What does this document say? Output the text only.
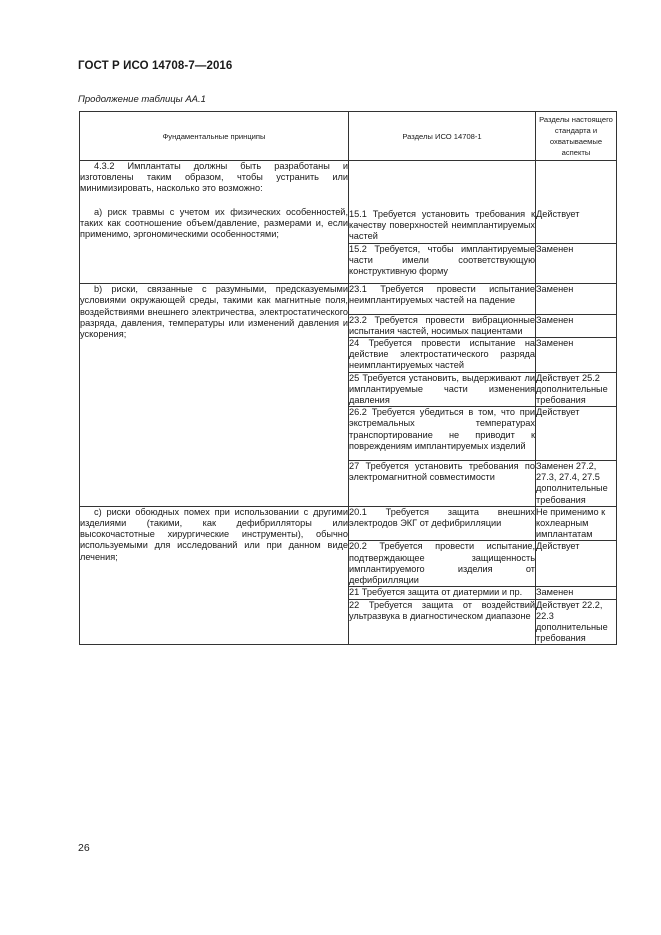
ГОСТ Р ИСО 14708-7—2016
Продолжение таблицы АА.1
Фундаментальные принципы	Разделы ИСО 14708-1	Разделы настоящего стандарта и охватываемые аспекты

4.3.2 Имплантаты должны быть разработаны и изготовлены таким образом, чтобы устранить или минимизировать, насколько это возможно:

а) риск травмы с учетом их физических особенностей, таких как соотношение объем/давление, размерами и, если применимо, эргономическими особенностями;	15.1 Требуется установить требования к качеству поверхностей неимплантируемых частей	Действует
	15.2 Требуется, чтобы имплантируемые части имели соответствующую конструктивную форму	Заменен

b) риски, связанные с разумными, предсказуемыми условиями окружающей среды, такими как магнитные поля, воздействиями внешнего электричества, электростатического разряда, давления, температуры или изменений давления и ускорения;	23.1 Требуется провести испытание неимплантируемых частей на падение	Заменен
	23.2 Требуется провести вибрационные испытания частей, носимых пациентами	Заменен
	24 Требуется провести испытание на действие электростатического разряда неимплантируемых частей	Заменен
	25 Требуется установить, выдерживают ли имплантируемые части изменения давления	Действует 25.2 дополнительные требования
	26.2 Требуется убедиться в том, что при экстремальных температурах транспортирование не приводит к повреждениям имплантируемых изделий	Действует
	27 Требуется установить требования по электромагнитной совместимости	Заменен 27.2, 27.3, 27.4, 27.5 дополнительные требования

c) риски обоюдных помех при использовании с другими изделиями (такими, как дефибрилляторы или высокочастотные хирургические инструменты), обычно используемыми для исследований или при данном виде лечения;	20.1 Требуется защита внешних электродов ЭКГ от дефибрилляции	Не применимо к кохлеарным имплантатам
	20.2 Требуется провести испытание, подтверждающее защищенность имплантируемого изделия от дефибрилляции	Действует
	21 Требуется защита от диатермии и пр.	Заменен
	22 Требуется защита от воздействий ультразвука в диагностическом диапазоне	Действует 22.2, 22.3 дополнительные требования
26
